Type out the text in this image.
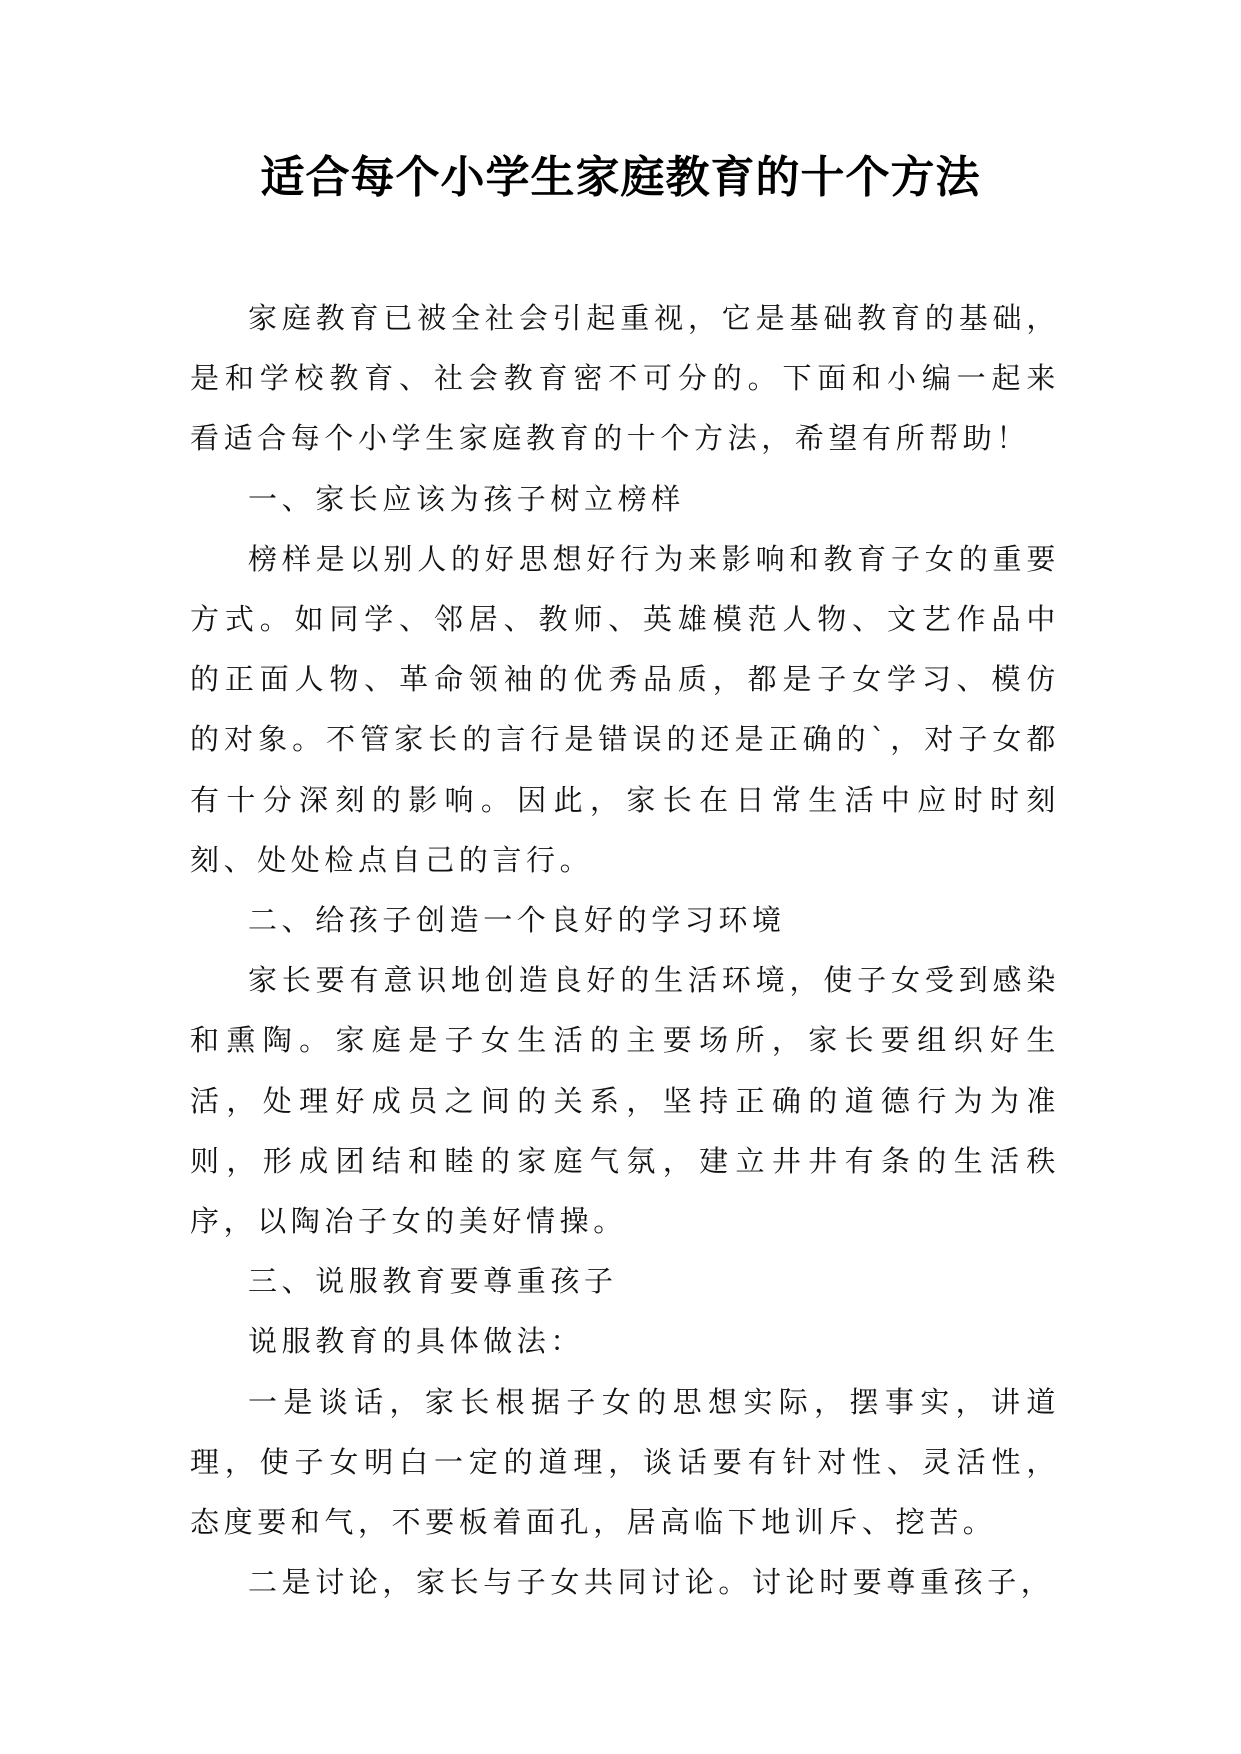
适合每个小学生家庭教育的十个方法

家庭教育已被全社会引起重视，它是基础教育的基础，是和学校教育、社会教育密不可分的。下面和小编一起来看适合每个小学生家庭教育的十个方法，希望有所帮助！

一、家长应该为孩子树立榜样

榜样是以别人的好思想好行为来影响和教育子女的重要方式。如同学、邻居、教师、英雄模范人物、文艺作品中的正面人物、革命领袖的优秀品质，都是子女学习、模仿的对象。不管家长的言行是错误的还是正确的`，对子女都有十分深刻的影响。因此，家长在日常生活中应时时刻刻、处处检点自己的言行。

二、给孩子创造一个良好的学习环境

家长要有意识地创造良好的生活环境，使子女受到感染和熏陶。家庭是子女生活的主要场所，家长要组织好生活，处理好成员之间的关系，坚持正确的道德行为为准则，形成团结和睦的家庭气氛，建立井井有条的生活秩序，以陶冶子女的美好情操。

三、说服教育要尊重孩子

说服教育的具体做法：

一是谈话，家长根据子女的思想实际，摆事实，讲道理，使子女明白一定的道理，谈话要有针对性、灵活性，态度要和气，不要板着面孔，居高临下地训斥、挖苦。

二是讨论，家长与子女共同讨论。讨论时要尊重孩子，
